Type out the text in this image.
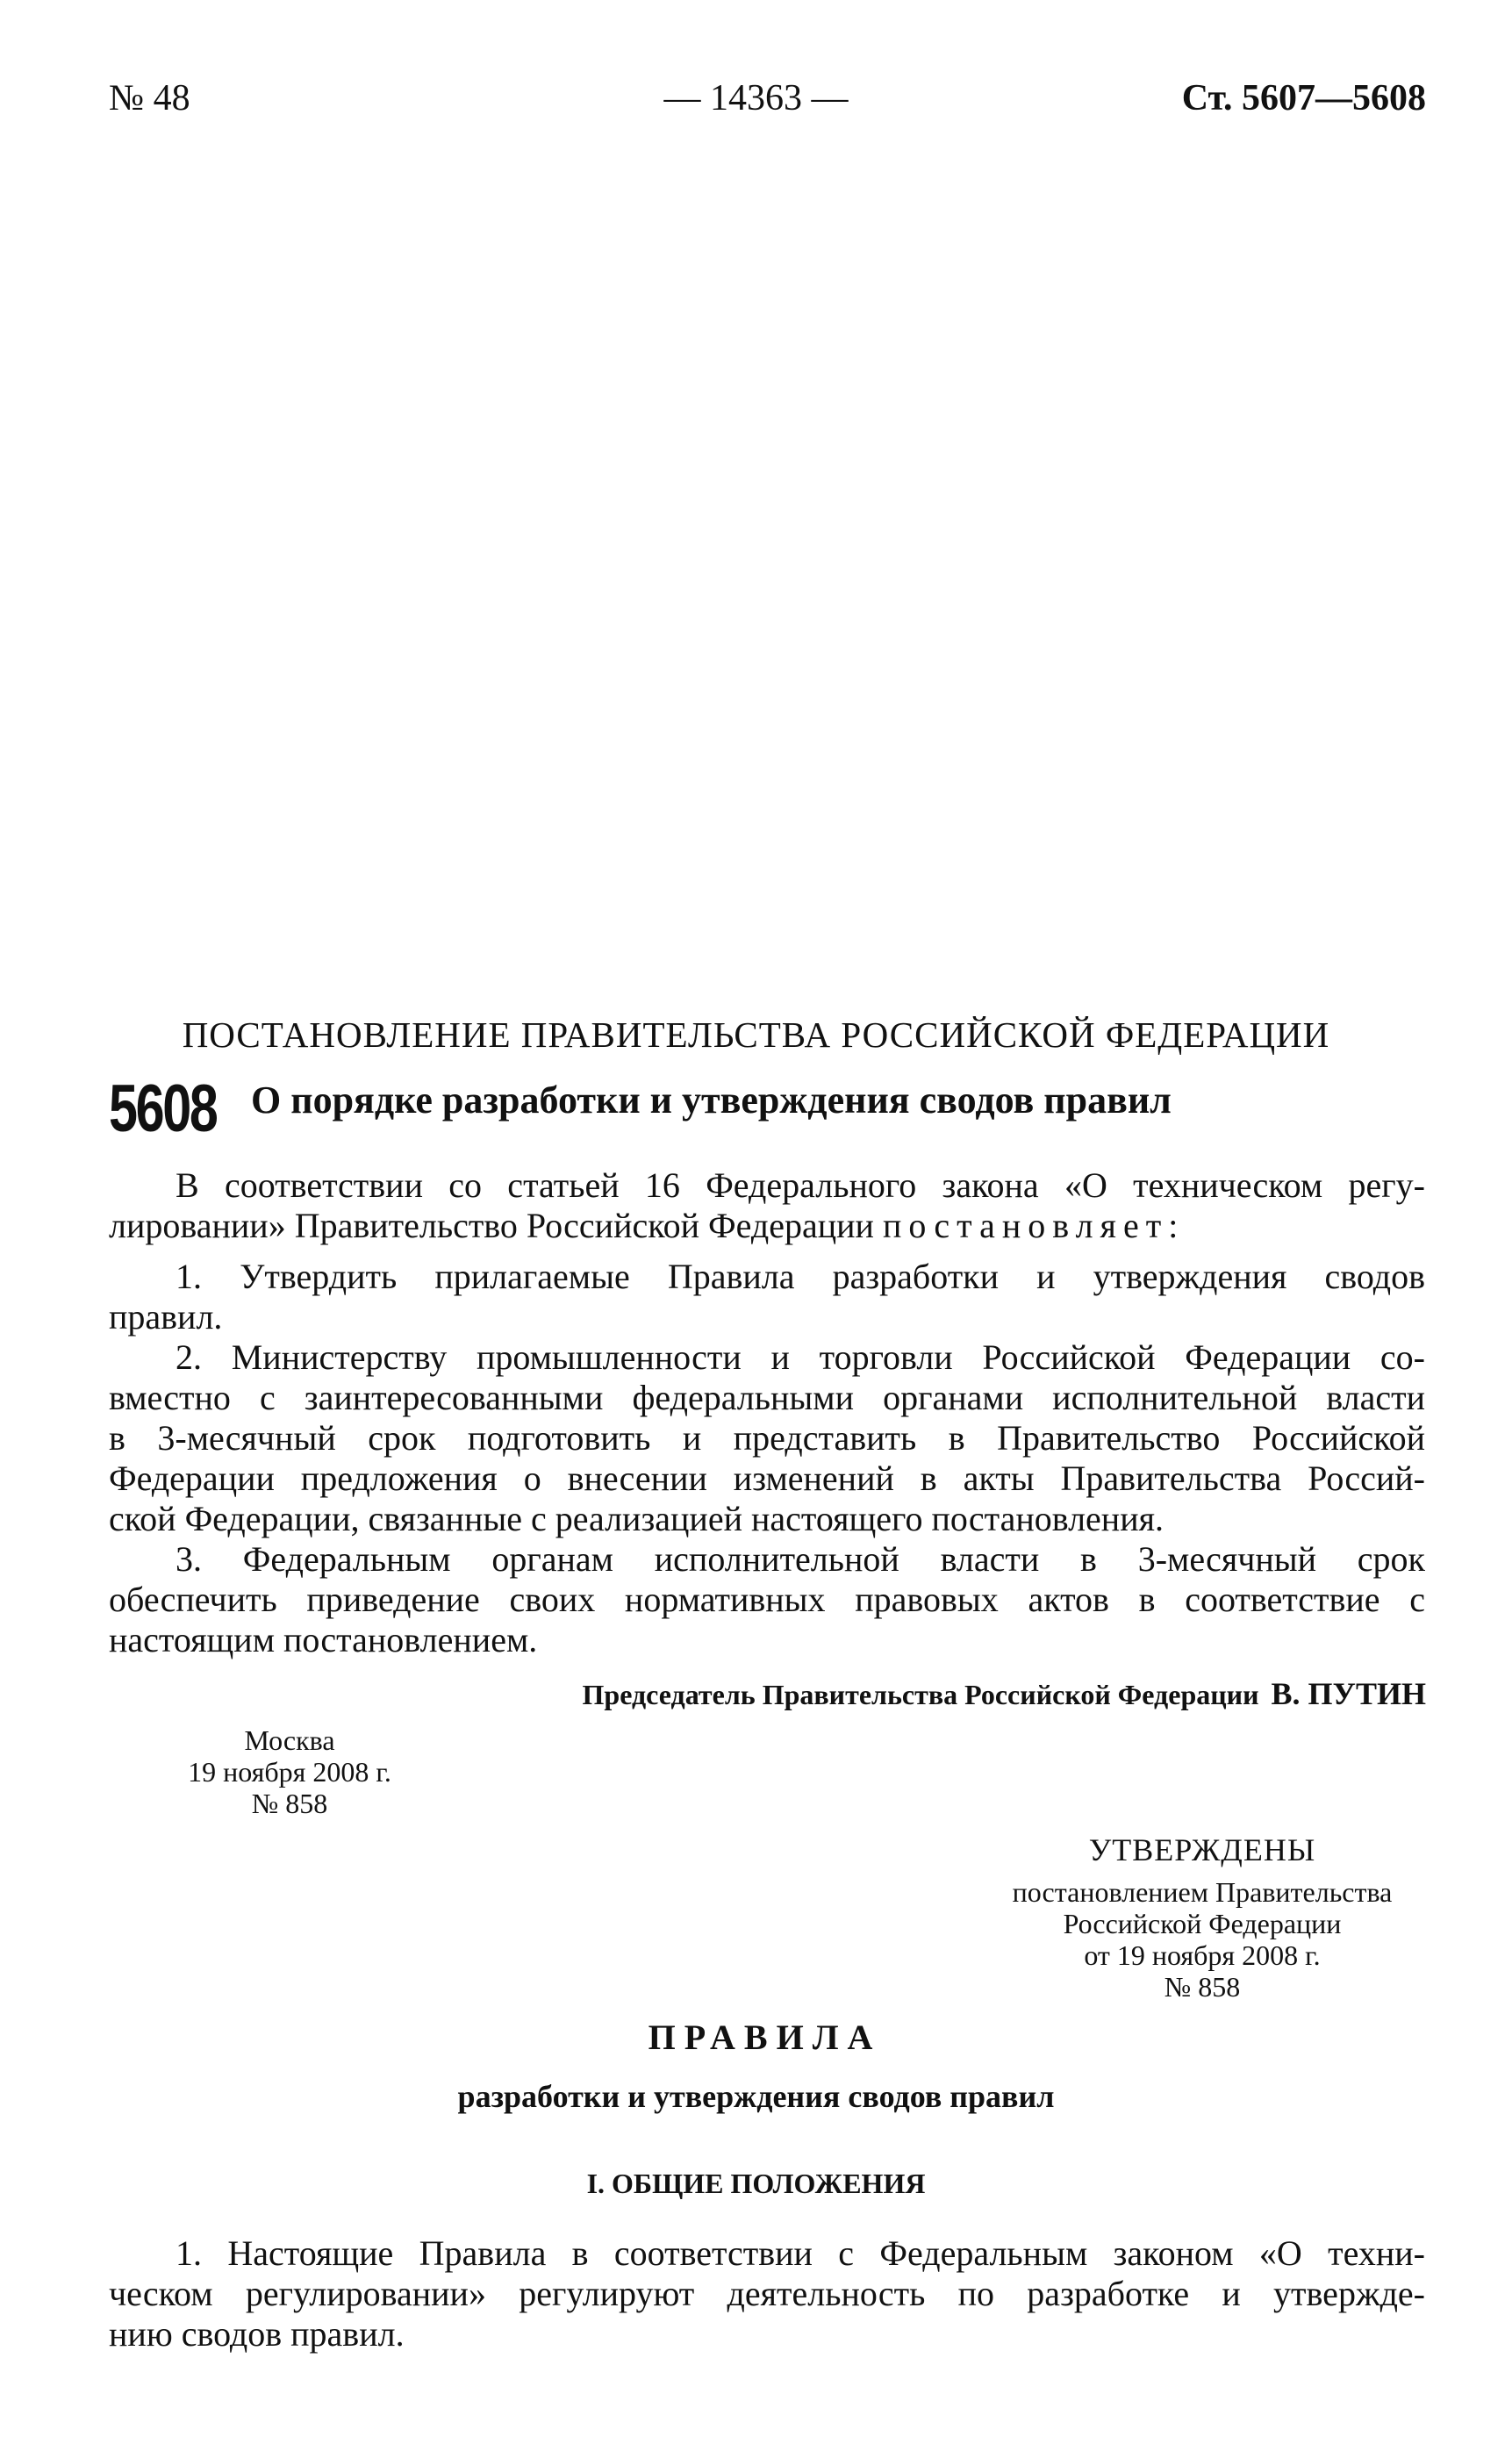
№ 48	— 14363 —	Ст. 5607—5608
ПОСТАНОВЛЕНИЕ ПРАВИТЕЛЬСТВА РОССИЙСКОЙ ФЕДЕРАЦИИ
5608 О порядке разработки и утверждения сводов правил
В соответствии со статьей 16 Федерального закона «О техническом регу-
лировании» Правительство Российской Федерации постановляет:
1. Утвердить прилагаемые Правила разработки и утверждения сводов
правил.
2. Министерству промышленности и торговли Российской Федерации со-
вместно с заинтересованными федеральными органами исполнительной власти
в 3-месячный срок подготовить и представить в Правительство Российской
Федерации предложения о внесении изменений в акты Правительства Россий-
ской Федерации, связанные с реализацией настоящего постановления.
3. Федеральным органам исполнительной власти в 3-месячный срок
обеспечить приведение своих нормативных правовых актов в соответствие с
настоящим постановлением.
Председатель Правительства Российской Федерации В. ПУТИН
Москва
19 ноября 2008 г.
№ 858
УТВЕРЖДЕНЫ
постановлением Правительства
Российской Федерации
от 19 ноября 2008 г.
№ 858
ПРАВИЛА
разработки и утверждения сводов правил
I. ОБЩИЕ ПОЛОЖЕНИЯ
1. Настоящие Правила в соответствии с Федеральным законом «О техни-
ческом регулировании» регулируют деятельность по разработке и утвержде-
нию сводов правил.
